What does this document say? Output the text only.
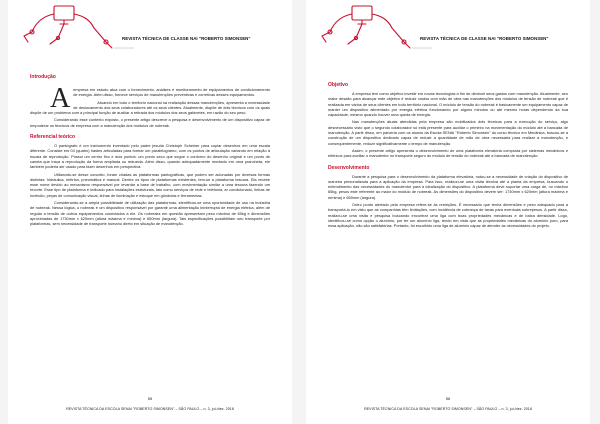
REVISTA TÉCNICA DE CLASSE NAI "ROBERTO SIMONSEN"
Introdução

Aempresa em estudo atua com o fornecimento, análises e monitoramento de equipamentos de condicionamento de energia. Além disso, fornece serviços de manutenções preventivas e corretivas desses equipamentos.

Atuando em todo o território nacional na realização dessas manutenções, apresenta a necessidade de deslocamento dos seus colaboradores até os seus clientes. Atualmente, dispõe de dois técnicos com os quais dispõe de um problema com a principal função de auxiliar a retirada dos módulos dos seus gabinetes, em razão do seu peso.

Considerando esse contexto exposto, o presente artigo descreve a pesquisa e desenvolvimento de um dispositivo capaz de empoderar os técnicos de empresa com a manutenção dos módulos de nobreak.

Referencial teórico

O pantógrafo é um instrumento inventado pelo padre jesuíta Christoph Scheiner para copiar desenhos em uma escala diferente. Consiste em 04 (quatro) hastes articuladas para formar um paralelogramo, com os pontos de articulação variando em relação à escala de reprodução. Possui um centro fixo e dois pontos: um ponto seco que segue o contorno do desenho original e um ponto de caneta que traça a reprodução da forma ampliada ou reduzida. Além disso, quando adequadamente montado em uma prancheta, ele também poderia ser usado para fazer desenhos em perspectiva.

Utilizando-se desse conceito, foram criadas as plataformas pantográficas, que podem ser acionadas por diversas formas distintas: hidráulica, elétrica, pneumática e manual. Dentre os tipos de plataformas existentes, tem-se a plataforma tesoura. Ela recebe esse nome devido ao mecanismo responsável por levantar a base de trabalho, com movimentação similar a uma tesoura fazendo um recorte. Esse tipo de plataforma é indicado para instalações estruturais, tais como serviços de rede e telefonia, ar condicionado, linhas de incêndio, peças de comunicação visual, linhas de iluminação e estoque em gôndolas e ferramentas.

Considerando-se a ampla possibilidade de utilização das plataformas, identificou-se uma oportunidade de uso na indústria de nobreak. Nessa lógica, o nobreak é um dispositivo responsável por garantir uma alimentação ininterrupta de energia elétrica, além de regular a tensão de outros equipamentos conectados a ele. Os nobreaks em questão apresentam peso máximo de 65kg e dimensões aproximadas de 1730mm x 620mm (altura máxima e mínima) e 650mm (largura). Tais especificações possibilitam seu transporte por plataformas, sem necessidade de transporte humano direto em situação de manutenção.

55
REVISTA TÉCNICA DA ESCOLA SENAI "ROBERTO SIMONSEN" – SÃO PAULO – n. 3, jul./dez. 2018
REVISTA TÉCNICA DE CLASSE NAI "ROBERTO SIMONSEN"
Objetivo

A empresa tem como objetivo investir em novas tecnologias a fim de diminuir seus gastos com manutenção. Atualmente, seu maior desafio para alcançar este objetivo é reduzir custos com mão de obra nas manutenções dos módulos de tensão de nobreak que é realizada em vários de seus clientes em todo território nacional. O módulo de tensão do nobreak é basicamente um equipamento capaz de manter um dispositivo alimentado por energia elétrica funcionando por alguns minutos ou até mesmo horas dependendo da sua capacidade, mesmo quando houver uma queda de energia.

Nas manutenções atuais atendidas pela empresa são mobilizados dois técnicos para a execução do serviço, algo desnecessário visto que o segundo colaborador só está presente para auxiliar o primeiro na movimentação do módulo até a bancada de manutenção. A partir disso, em parceria com os alunos da Escola SENAI "Roberto Simonsen" do curso técnico em Mecânica, buscou-se a construção de um dispositivo dedicado capaz de reduzir a quantidade de mão de obra necessária para realizar a manutenção, e consequentemente, reduzir significativamente o tempo de manutenção.

Assim, o presente artigo apresenta o desenvolvimento de uma plataforma elevatória composta por sistemas mecânicos e elétricos para auxiliar o manutentor no transporte seguro do módulo de tensão do nobreak até a bancada de manutenção.

Desenvolvimento

Durante a pesquisa para o desenvolvimento da plataforma elevatória, notou-se a necessidade de criação do dispositivo de maneira personalizada para a aplicação da empresa. Para isso, realizou-se uma visita técnica até a planta da empresa, buscando o entendimento das necessidades do manutentor para a idealização do dispositivo. A plataforma deve suportar uma carga de, no máximo 65kg, pesos este referente ao maior do módulo de nobreak. As dimensões do dispositivo devem ser: 1730mm x 620mm (altura máxima e mínima) e 650mm (largura).

Outro ponto alertado pela empresa refere-se às restrições. É necessário que tenha dimensões e peso adequado para a transportá-lo em visto que as companhias têm limitações, com incidência de cobrança de taxas para eventuais sobrepesos. A partir disso, realizou-se uma visita e pesquisa buscando encontrar uma liga com boas propriedades mecânicas e de baixa densidade. Logo, identificou-se como opção o alumínio, por ter um alumínio liga, tendo em vista que as propriedades mecânicas do alumínio puro, para essa aplicação, não são satisfatórias. Portanto, foi escolhido uma liga de alumínio capaz de atender as necessidades do projeto.

56
REVISTA TÉCNICA DA ESCOLA SENAI "ROBERTO SIMONSEN" – SÃO PAULO – n. 3, jul./dez. 2018
